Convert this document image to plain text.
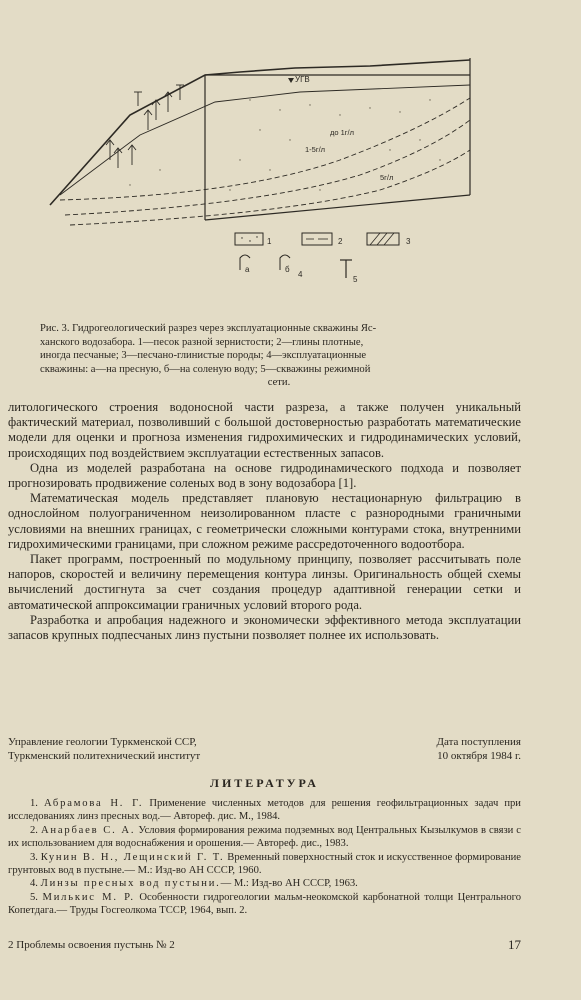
УГВ
до 1г/л
1-5г/л
5г/л
1	2	3
а	б
4
5
Рис. 3. Гидрогеологический разрез через эксплуатационные скважины Яс-
ханского водозабора. 1—песок разной зернистости; 2—глины плотные,
иногда песчаные; 3—песчано-глинистые породы; 4—эксплуатационные
скважины: а—на пресную, б—на соленую воду; 5—скважины режимной
сети.

литологического строения водоносной части разреза, а также получен уникальный фактический материал, позволивший с большой достоверностью разработать математические модели для оценки и прогноза изменения гидрохимических и гидродинамических условий, происходящих под воздействием эксплуатации естественных запасов.

Одна из моделей разработана на основе гидродинамического подхода и позволяет прогнозировать продвижение соленых вод в зону водозабора [1].

Математическая модель представляет плановую нестационарную фильтрацию в однослойном полуограниченном неизолированном пласте с разнородными граничными условиями на внешних границах, с геометрически сложными контурами стока, внутренними гидрохимическими границами, при сложном режиме рассредоточенного водоотбора.

Пакет программ, построенный по модульному принципу, позволяет рассчитывать поле напоров, скоростей и величину перемещения контура линзы. Оригинальность общей схемы вычислений достигнута за счет создания процедур адаптивной генерации сетки и автоматической аппроксимации граничных условий второго рода.

Разработка и апробация надежного и экономически эффективного метода эксплуатации запасов крупных подпесчаных линз пустыни позволяет полнее их использовать.

Управление геологии Туркменской ССР,
Туркменский политехнический институт
Дата поступления
10 октября 1984 г.
ЛИТЕРАТУРА

1. Абрамова Н. Г. Применение численных методов для решения геофильтрационных задач при исследованиях линз пресных вод.— Автореф. дис. М., 1984.

2. Анарбаев С. А. Условия формирования режима подземных вод Центральных Кызылкумов в связи с их использованием для водоснабжения и орошения.— Автореф. дис., 1983.

3. Кунин В. Н., Лещинский Г. Т. Временный поверхностный сток и искусственное формирование грунтовых вод в пустыне.— М.: Изд-во АН СССР, 1960.

4. Линзы пресных вод пустыни.— М.: Изд-во АН СССР, 1963.

5. Милькис М. Р. Особенности гидрогеологии мальм-неокомской карбонатной толщи Центрального Копетдага.— Труды Госгеолкома ТССР, 1964, вып. 2.

2 Проблемы освоения пустынь № 2	17
